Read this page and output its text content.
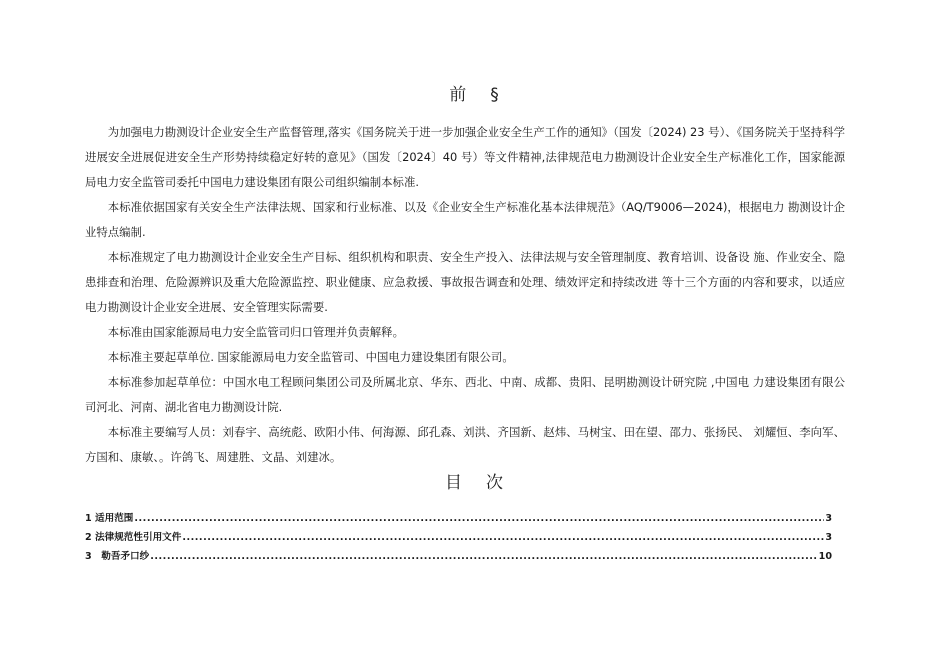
前 §

为加强电力勘测设计企业安全生产监督管理,落实《国务院关于进一步加强企业安全生产工作的通知》（国发〔2024) 23 号）、《国务院关于坚持科学进展安全进展促进安全生产形势持续稳定好转的意见》（国发〔2024〕40 号）等文件精神,法律规范电力勘测设计企业安全生产标准化工作，国家能源局电力安全监管司委托中国电力建设集团有限公司组织编制本标准.

本标准依据国家有关安全生产法律法规、国家和行业标准、以及《企业安全生产标准化基本法律规范》（AQ/T9006—2024)，根据电力 勘测设计企业特点编制.

本标准规定了电力勘测设计企业安全生产目标、组织机构和职责、安全生产投入、法律法规与安全管理制度、教育培训、设备设 施、作业安全、隐患排查和治理、危险源辨识及重大危险源监控、职业健康、应急救援、事故报告调查和处理、绩效评定和持续改进 等十三个方面的内容和要求，以适应电力勘测设计企业安全进展、安全管理实际需要.

本标准由国家能源局电力安全监管司归口管理并负责解释。

本标准主要起草单位. 国家能源局电力安全监管司、中国电力建设集团有限公司。

本标准参加起草单位：中国水电工程顾问集团公司及所属北京、华东、西北、中南、成都、贵阳、昆明勘测设计研究院 ,中国电 力建设集团有限公司河北、河南、湖北省电力勘测设计院.

本标准主要编写人员：刘春宇、高统彪、欧阳小伟、何海源、邱孔森、刘洪、齐国新、赵炜、马树宝、田在望、邵力、张扬民、 刘耀恒、李向军、方国和、康敏、。许鸽飞、周建胜、文晶、刘建冰。

目 次
1 适用范围 .....	3
2 法律规范性引用文件 .....	3
3　勒吾矛口纱 .....	10
